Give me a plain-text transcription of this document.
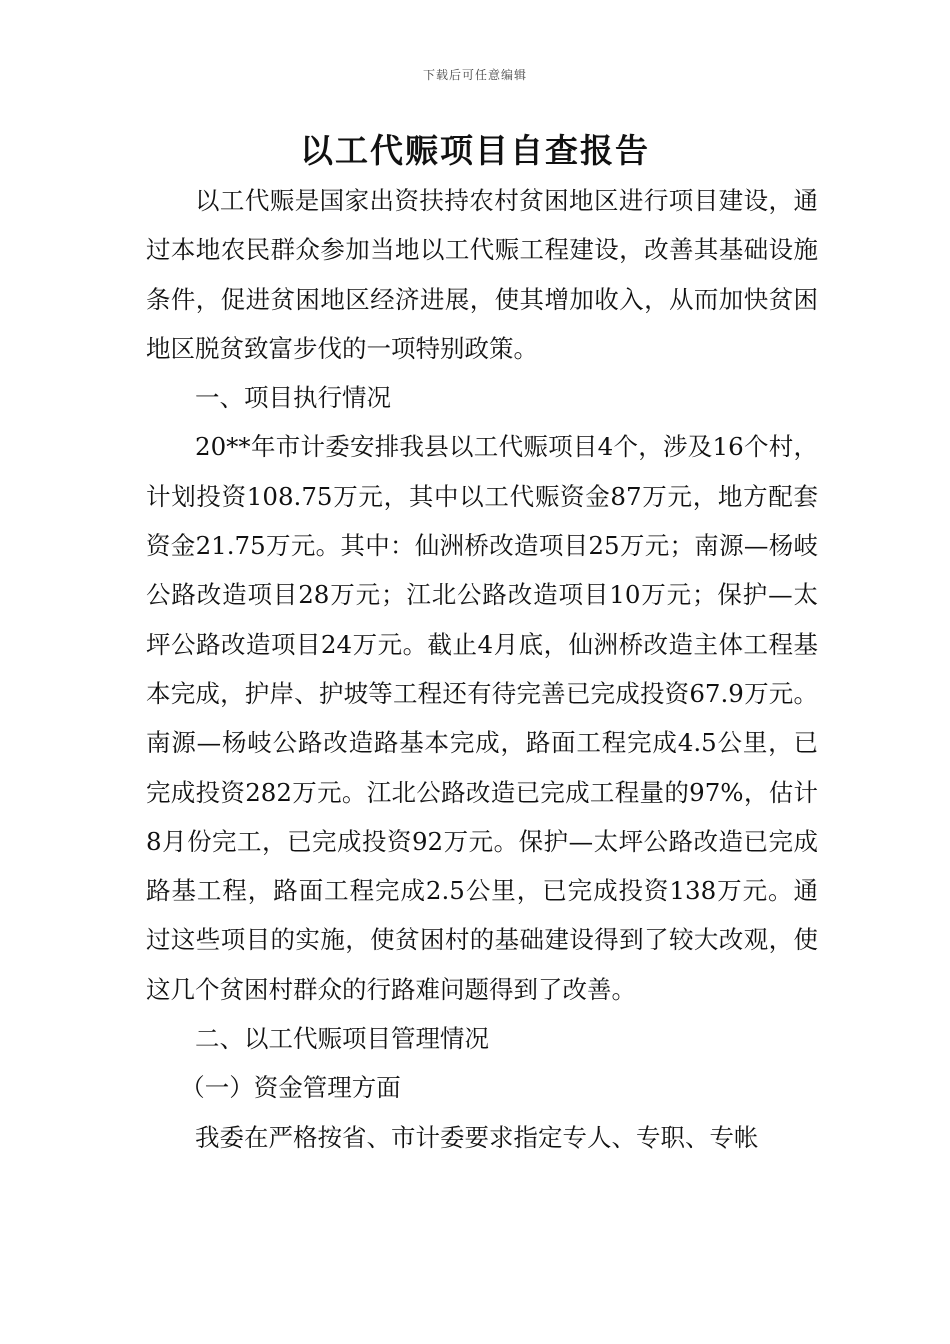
下载后可任意编辑
以工代赈项目自查报告

以工代赈是国家出资扶持农村贫困地区进行项目建设，通过本地农民群众参加当地以工代赈工程建设，改善其基础设施条件，促进贫困地区经济进展，使其增加收入，从而加快贫困地区脱贫致富步伐的一项特别政策。

一、项目执行情况

20**年市计委安排我县以工代赈项目4个，涉及16个村，计划投资108.75万元，其中以工代赈资金87万元，地方配套资金21.75万元。其中：仙洲桥改造项目25万元；南源—杨岐公路改造项目28万元；江北公路改造项目10万元；保护—太坪公路改造项目24万元。截止4月底，仙洲桥改造主体工程基本完成，护岸、护坡等工程还有待完善已完成投资67.9万元。南源—杨岐公路改造路基本完成，路面工程完成4.5公里，已完成投资282万元。江北公路改造已完成工程量的97%，估计8月份完工，已完成投资92万元。保护—太坪公路改造已完成路基工程，路面工程完成2.5公里，已完成投资138万元。通过这些项目的实施，使贫困村的基础建设得到了较大改观，使这几个贫困村群众的行路难问题得到了改善。

二、以工代赈项目管理情况

（一）资金管理方面

我委在严格按省、市计委要求指定专人、专职、专帐
